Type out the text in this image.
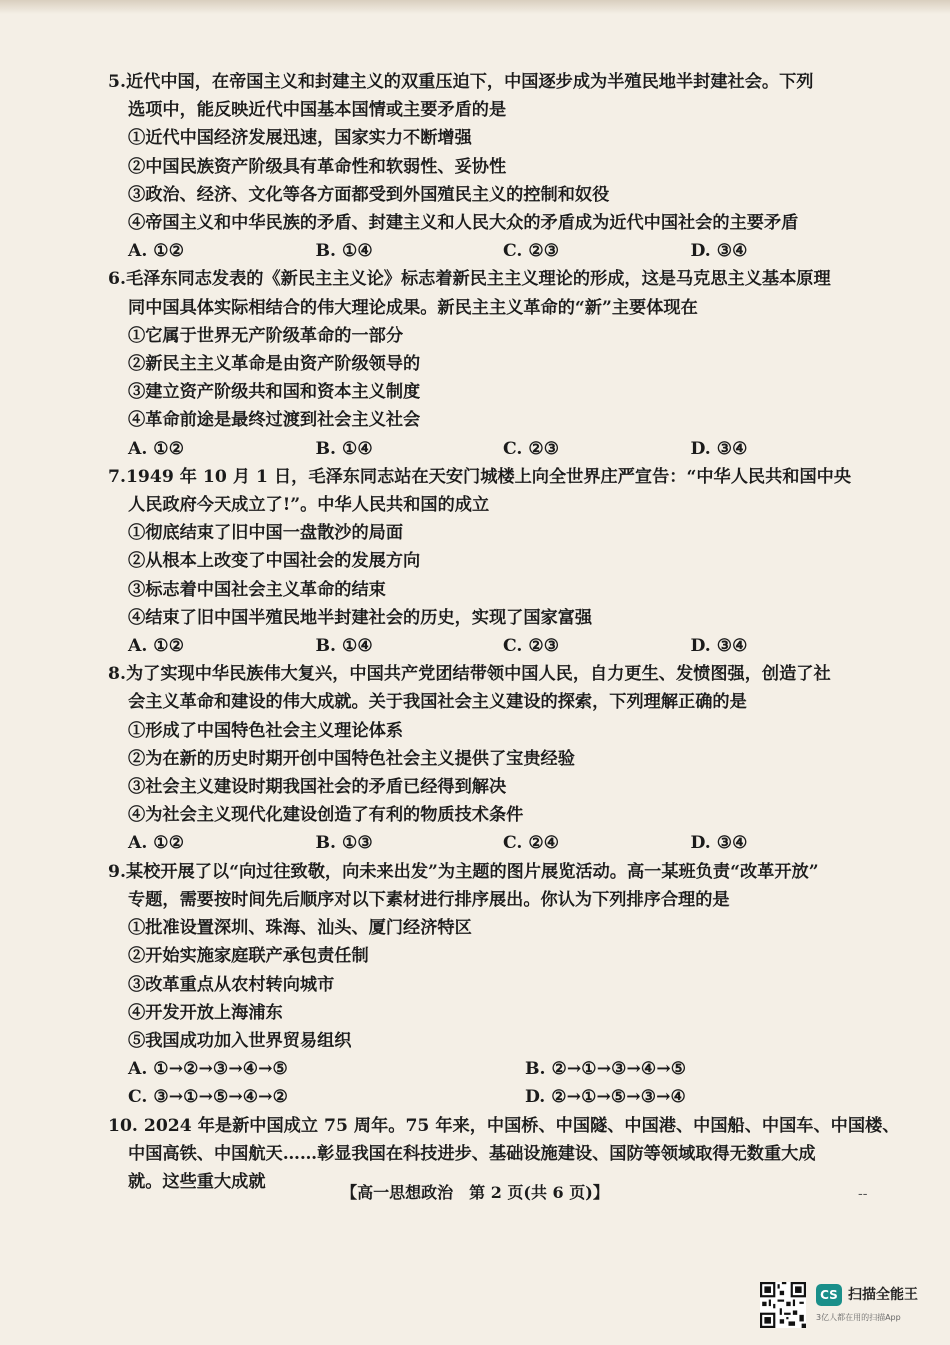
5.近代中国，在帝国主义和封建主义的双重压迫下，中国逐步成为半殖民地半封建社会。下列
选项中，能反映近代中国基本国情或主要矛盾的是
①近代中国经济发展迅速，国家实力不断增强
②中国民族资产阶级具有革命性和软弱性、妥协性
③政治、经济、文化等各方面都受到外国殖民主义的控制和奴役
④帝国主义和中华民族的矛盾、封建主义和人民大众的矛盾成为近代中国社会的主要矛盾
A. ①②	B. ①④	C. ②③	D. ③④
6.毛泽东同志发表的《新民主主义论》标志着新民主主义理论的形成，这是马克思主义基本原理
同中国具体实际相结合的伟大理论成果。新民主主义革命的“新”主要体现在
①它属于世界无产阶级革命的一部分
②新民主主义革命是由资产阶级领导的
③建立资产阶级共和国和资本主义制度
④革命前途是最终过渡到社会主义社会
A. ①②	B. ①④	C. ②③	D. ③④
7.1949 年 10 月 1 日，毛泽东同志站在天安门城楼上向全世界庄严宣告：“中华人民共和国中央
人民政府今天成立了!”。中华人民共和国的成立
①彻底结束了旧中国一盘散沙的局面
②从根本上改变了中国社会的发展方向
③标志着中国社会主义革命的结束
④结束了旧中国半殖民地半封建社会的历史，实现了国家富强
A. ①②	B. ①④	C. ②③	D. ③④
8.为了实现中华民族伟大复兴，中国共产党团结带领中国人民，自力更生、发愤图强，创造了社
会主义革命和建设的伟大成就。关于我国社会主义建设的探索，下列理解正确的是
①形成了中国特色社会主义理论体系
②为在新的历史时期开创中国特色社会主义提供了宝贵经验
③社会主义建设时期我国社会的矛盾已经得到解决
④为社会主义现代化建设创造了有利的物质技术条件
A. ①②	B. ①③	C. ②④	D. ③④
9.某校开展了以“向过往致敬，向未来出发”为主题的图片展览活动。高一某班负责“改革开放”
专题，需要按时间先后顺序对以下素材进行排序展出。你认为下列排序合理的是
①批准设置深圳、珠海、汕头、厦门经济特区
②开始实施家庭联产承包责任制
③改革重点从农村转向城市
④开发开放上海浦东
⑤我国成功加入世界贸易组织
A. ①→②→③→④→⑤	B. ②→①→③→④→⑤
C. ③→①→⑤→④→②	D. ②→①→⑤→③→④
10. 2024 年是新中国成立 75 周年。75 年来，中国桥、中国隧、中国港、中国船、中国车、中国楼、
中国高铁、中国航天……彰显我国在科技进步、基础设施建设、国防等领域取得无数重大成
就。这些重大成就
【高一思想政治　第 2 页(共 6 页)】	--
CS 扫描全能王
3亿人都在用的扫描App
